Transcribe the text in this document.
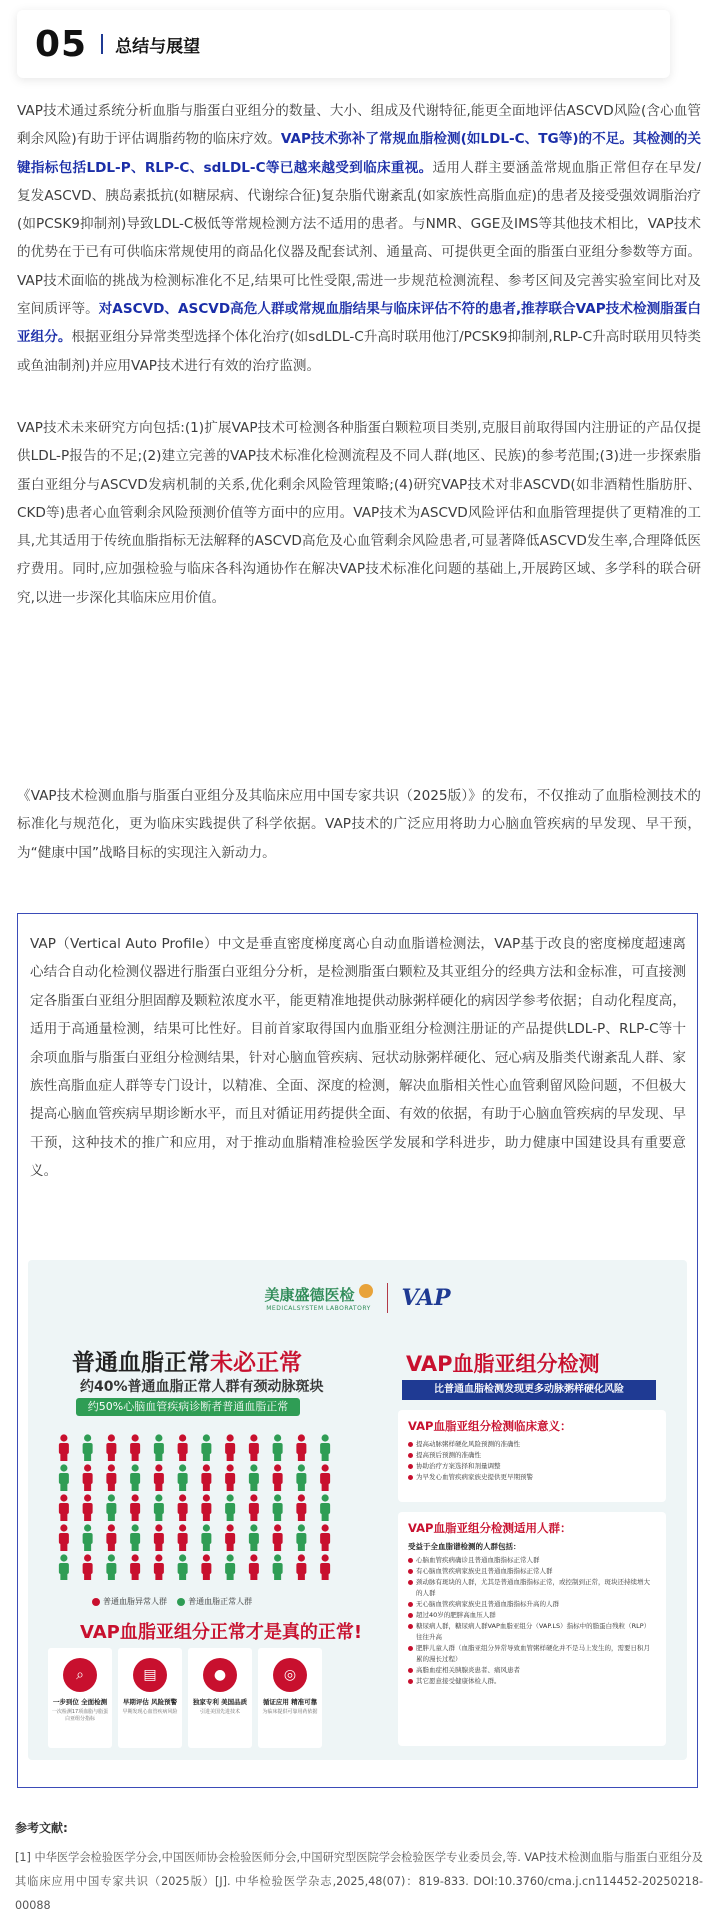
05 总结与展望

VAP技术通过系统分析血脂与脂蛋白亚组分的数量、大小、组成及代谢特征,能更全面地评估ASCVD风险(含心血管剩余风险)有助于评估调脂药物的临床疗效。VAP技术弥补了常规血脂检测(如LDL-C、TG等)的不足。其检测的关键指标包括LDL-P、RLP-C、sdLDL-C等已越来越受到临床重视。适用人群主要涵盖常规血脂正常但存在早发/复发ASCVD、胰岛素抵抗(如糖尿病、代谢综合征)复杂脂代谢紊乱(如家族性高脂血症)的患者及接受强效调脂治疗(如PCSK9抑制剂)导致LDL-C极低等常规检测方法不适用的患者。与NMR、GGE及IMS等其他技术相比，VAP技术的优势在于已有可供临床常规使用的商品化仪器及配套试剂、通量高、可提供更全面的脂蛋白亚组分参数等方面。VAP技术面临的挑战为检测标准化不足,结果可比性受限,需进一步规范检测流程、参考区间及完善实验室间比对及室间质评等。对ASCVD、ASCVD高危人群或常规血脂结果与临床评估不符的患者,推荐联合VAP技术检测脂蛋白亚组分。根据亚组分异常类型选择个体化治疗(如sdLDL-C升高时联用他汀/PCSK9抑制剂,RLP-C升高时联用贝特类或鱼油制剂)并应用VAP技术进行有效的治疗监测。

VAP技术未来研究方向包括:(1)扩展VAP技术可检测各种脂蛋白颗粒项目类别,克服目前取得国内注册证的产品仅提供LDL-P报告的不足;(2)建立完善的VAP技术标准化检测流程及不同人群(地区、民族)的参考范围;(3)进一步探索脂蛋白亚组分与ASCVD发病机制的关系,优化剩余风险管理策略;(4)研究VAP技术对非ASCVD(如非酒精性脂肪肝、CKD等)患者心血管剩余风险预测价值等方面中的应用。VAP技术为ASCVD风险评估和血脂管理提供了更精准的工具,尤其适用于传统血脂指标无法解释的ASCVD高危及心血管剩余风险患者,可显著降低ASCVD发生率,合理降低医疗费用。同时,应加强检验与临床各科沟通协作在解决VAP技术标准化问题的基础上,开展跨区域、多学科的联合研究,以进一步深化其临床应用价值。

《VAP技术检测血脂与脂蛋白亚组分及其临床应用中国专家共识（2025版）》的发布，不仅推动了血脂检测技术的标准化与规范化，更为临床实践提供了科学依据。VAP技术的广泛应用将助力心脑血管疾病的早发现、早干预，为“健康中国”战略目标的实现注入新动力。

VAP（Vertical Auto Profile）中文是垂直密度梯度离心自动血脂谱检测法，VAP基于改良的密度梯度超速离心结合自动化检测仪器进行脂蛋白亚组分分析，是检测脂蛋白颗粒及其亚组分的经典方法和金标准，可直接测定各脂蛋白亚组分胆固醇及颗粒浓度水平，能更精准地提供动脉粥样硬化的病因学参考依据；自动化程度高，适用于高通量检测，结果可比性好。目前首家取得国内血脂亚组分检测注册证的产品提供LDL-P、RLP-C等十余项血脂与脂蛋白亚组分检测结果，针对心脑血管疾病、冠状动脉粥样硬化、冠心病及脂类代谢紊乱人群、家族性高脂血症人群等专门设计，以精准、全面、深度的检测，解决血脂相关性心血管剩留风险问题，不但极大提高心脑血管疾病早期诊断水平，而且对循证用药提供全面、有效的依据，有助于心脑血管疾病的早发现、早干预，这种技术的推广和应用，对于推动血脂精准检验医学发展和学科进步，助力健康中国建设具有重要意义。

美康盛德医检
MEDICALSYSTEM LABORATORY VAP
普通血脂正常未必正常
约40%普通血脂正常人群有颈动脉斑块
约50%心脑血管疾病诊断者普通血脂正常
普通血脂异常人群	普通血脂正常人群
VAP血脂亚组分正常才是真的正常!
⌕
一步到位 全面检测
一次检测17项血脂与脂蛋白亚组分指标
▤
早期评估 风险预警
早期发现心血管疾病风险
●
独家专利 美国品质
引进美国先进技术
◎
循证应用 精准可靠
为临床提供可靠用药依据
VAP血脂亚组分检测
比普通血脂检测发现更多动脉粥样硬化风险
VAP血脂亚组分检测临床意义：
提高动脉粥样硬化风险预测的准确性
提高预后预测的准确性
协助治疗方案选择和剂量调整
为早发心血管疾病家族史提供更早期预警
VAP血脂亚组分检测适用人群：
受益于全血脂谱检测的人群包括：
心脑血管疾病确诊且普通血脂指标正常人群
有心脑血管疾病家族史且普通血脂指标正常人群
颈动脉有斑块的人群，尤其是普通血脂指标正常，或控制到正常，斑块还持续增大的人群
无心脑血管疾病家族史且普通血脂指标升高的人群
超过40岁的肥胖高血压人群
糖尿病人群，糖尿病人群VAP血脂亚组分（VAP.LS）指标中的脂蛋白残粒（RLP）往往升高
肥胖儿童人群（血脂亚组分异常导致血管粥样硬化并不是马上发生的，需要日积月累的漫长过程）
高脂血症相关胰腺炎患者、痛风患者
其它愿意接受健康体检人群。
参考文献:

[1] 中华医学会检验医学分会,中国医师协会检验医师分会,中国研究型医院学会检验医学专业委员会,等. VAP技术检测血脂与脂蛋白亚组分及其临床应用中国专家共识（2025版）[J]. 中华检验医学杂志,2025,48(07)：819-833. DOI:10.3760/cma.j.cn114452-20250218-00088
